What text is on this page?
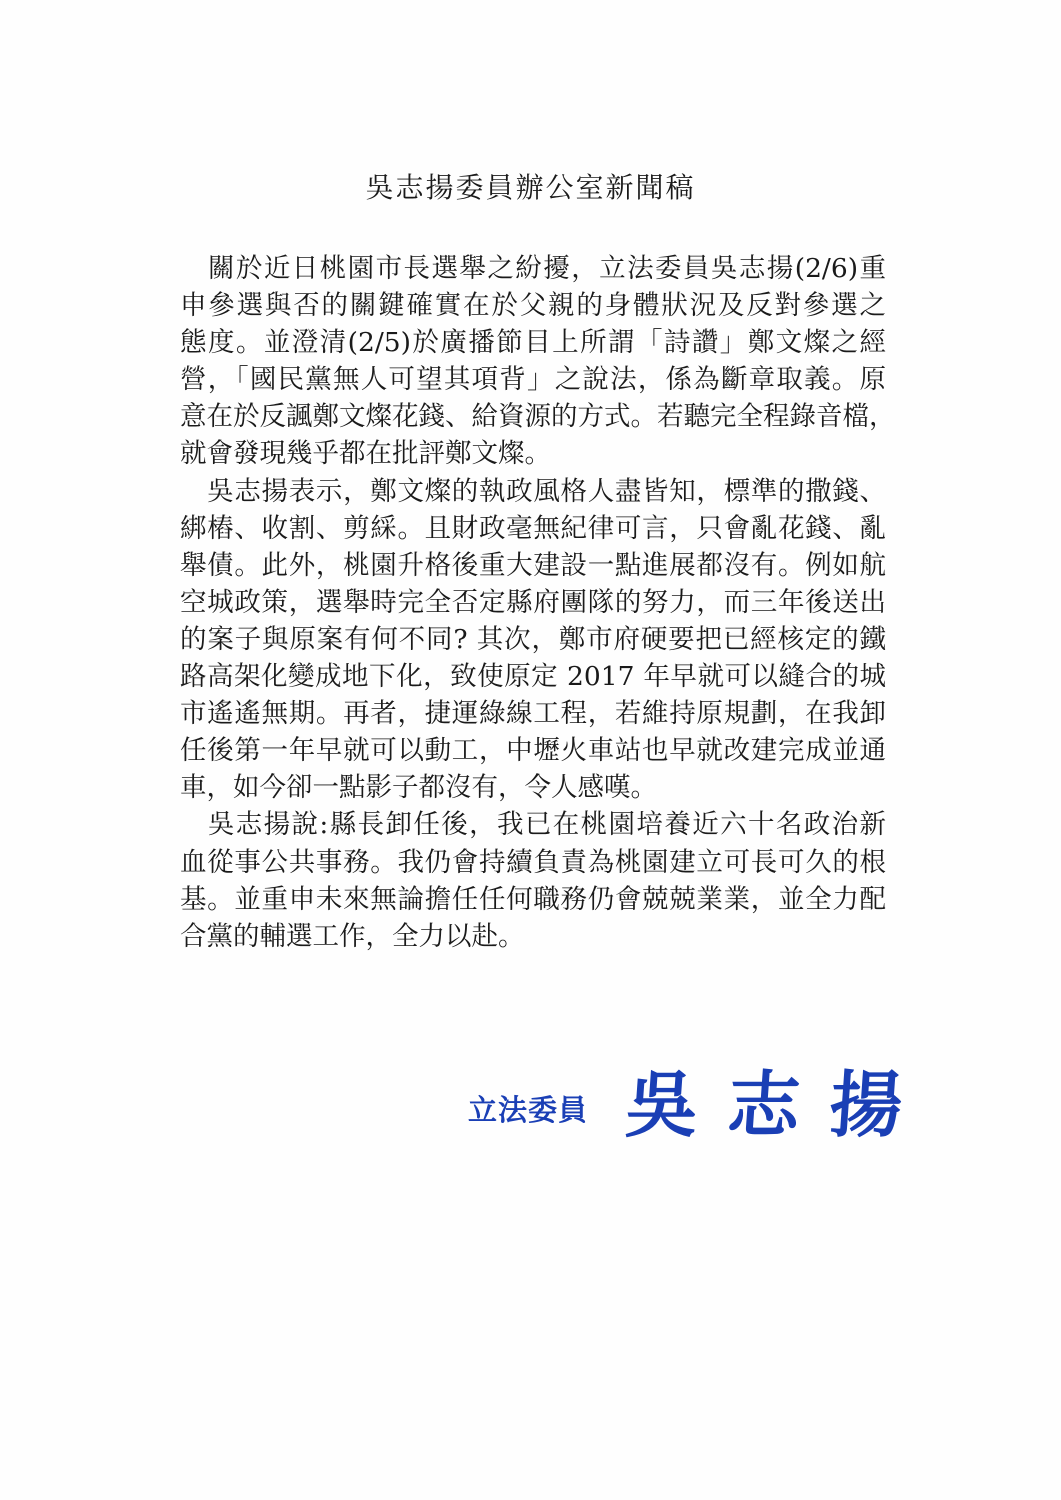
吳志揚委員辦公室新聞稿
　關於近日桃園市長選舉之紛擾，立法委員吳志揚(2/6)重
申參選與否的關鍵確實在於父親的身體狀況及反對參選之
態度。並澄清(2/5)於廣播節目上所謂「詩讚」鄭文燦之經
營，「國民黨無人可望其項背」之說法，係為斷章取義。原
意在於反諷鄭文燦花錢、給資源的方式。若聽完全程錄音檔，
就會發現幾乎都在批評鄭文燦。
　吳志揚表示，鄭文燦的執政風格人盡皆知，標準的撒錢、
綁樁、收割、剪綵。且財政毫無紀律可言，只會亂花錢、亂
舉債。此外，桃園升格後重大建設一點進展都沒有。例如航
空城政策，選舉時完全否定縣府團隊的努力，而三年後送出
的案子與原案有何不同? 其次，鄭市府硬要把已經核定的鐵
路高架化變成地下化，致使原定 2017 年早就可以縫合的城
市遙遙無期。再者，捷運綠線工程，若維持原規劃，在我卸
任後第一年早就可以動工，中壢火車站也早就改建完成並通
車，如今卻一點影子都沒有，令人感嘆。
　吳志揚說:縣長卸任後，我已在桃園培養近六十名政治新
血從事公共事務。我仍會持續負責為桃園建立可長可久的根
基。並重申未來無論擔任任何職務仍會兢兢業業，並全力配
合黨的輔選工作，全力以赴。
立法委員 吳志揚
